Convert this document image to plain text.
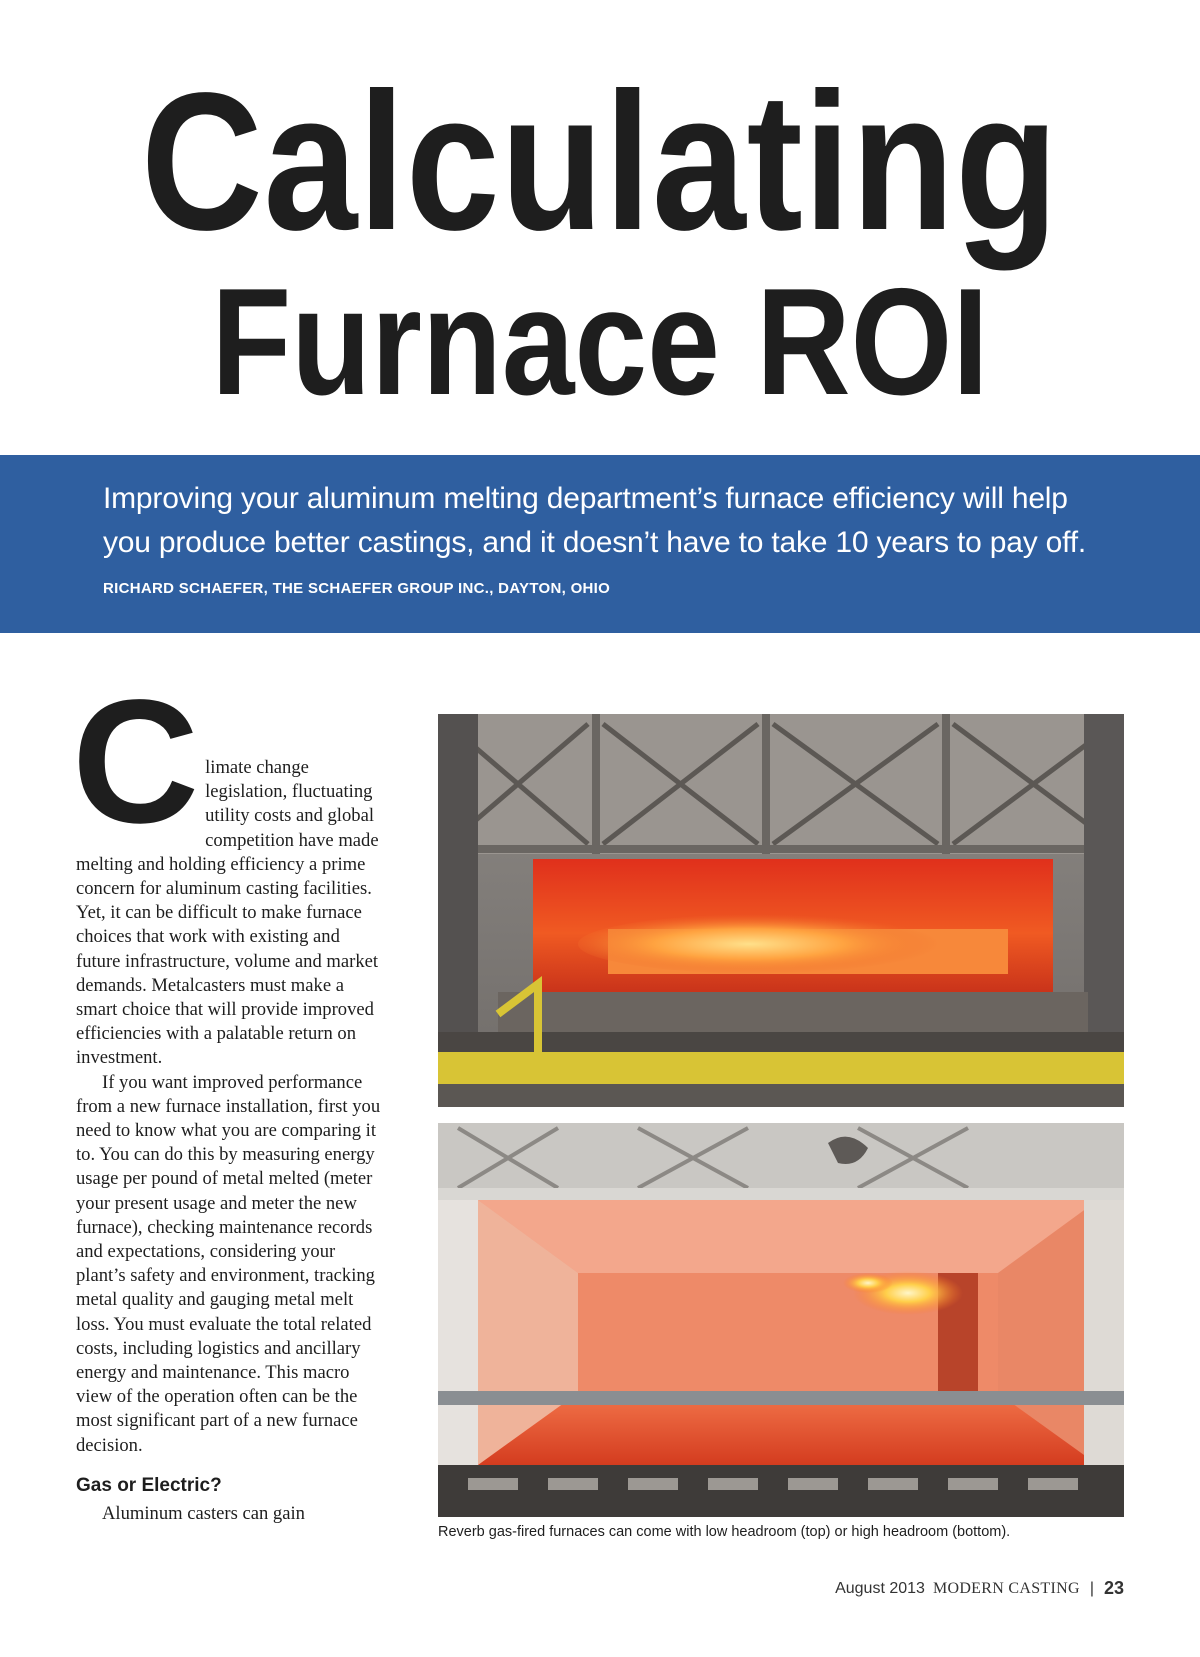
Calculating
Furnace ROI
Improving your aluminum melting department’s furnace efficiency will help you produce better castings, and it doesn’t have to take 10 years to pay off.
RICHARD SCHAEFER, THE SCHAEFER GROUP INC., DAYTON, OHIO
C limate change legislation, fluctuating utility costs and global competition have made melting and holding efficiency a prime concern for aluminum casting facilities. Yet, it can be difficult to make furnace choices that work with existing and future infrastructure, volume and market demands. Metalcasters must make a smart choice that will provide improved efficiencies with a palatable return on investment.

If you want improved performance from a new furnace installation, first you need to know what you are comparing it to. You can do this by measuring energy usage per pound of metal melted (meter your present usage and meter the new furnace), checking maintenance records and expectations, considering your plant’s safety and environment, tracking metal quality and gauging metal melt loss. You must evaluate the total related costs, including logistics and ancillary energy and maintenance. This macro view of the operation often can be the most significant part of a new furnace decision.

Gas or Electric?

Aluminum casters can gain

Reverb gas-fired furnaces can come with low headroom (top) or high headroom (bottom).
August 2013 MODERN CASTING | 23
